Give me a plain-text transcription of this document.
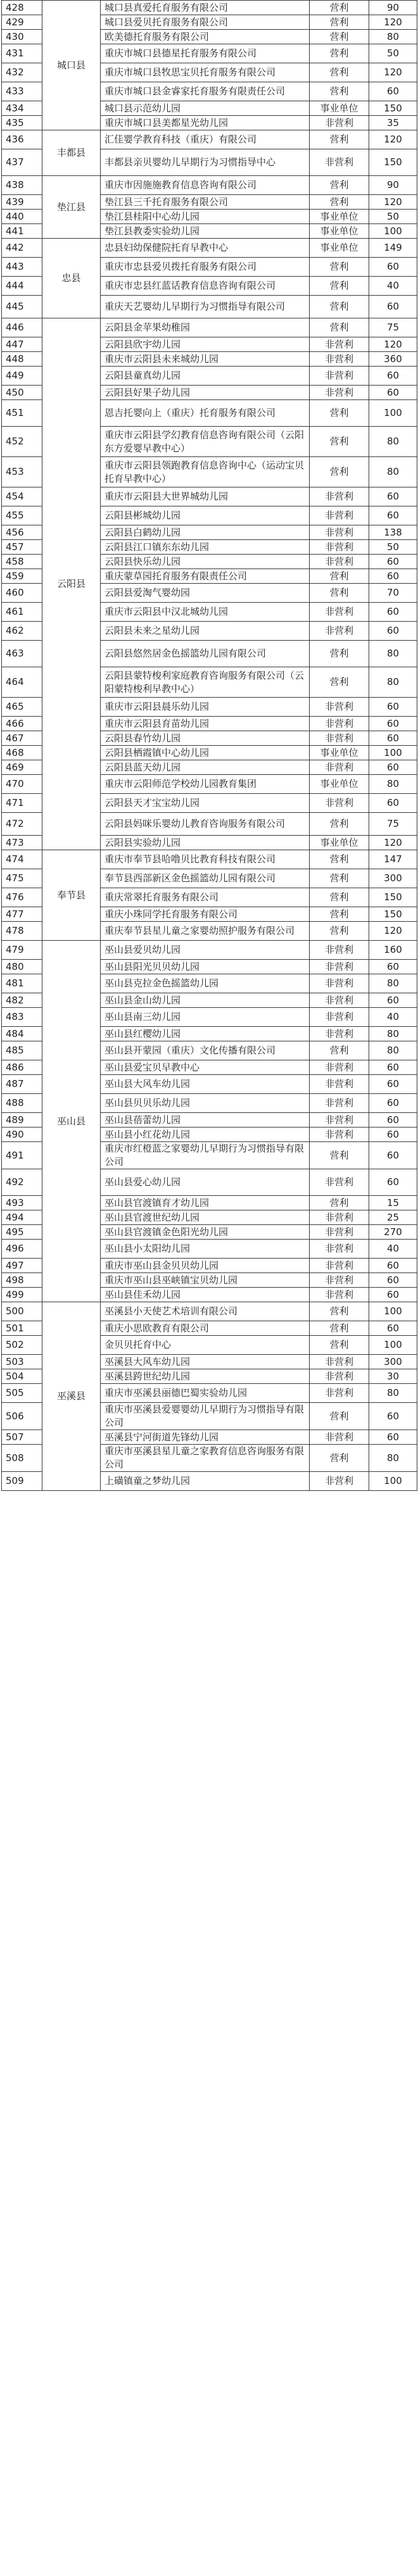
428	城口县	城口县真爱托育服务有限公司	营利	90
429		城口县爱贝托育服务有限公司	营利	120
430		欧美德托育服务有限公司	营利	80
431		重庆市城口县德星托育服务有限公司	营利	50
432		重庆市城口县牧思宝贝托育服务有限公司	营利	120
433		重庆市城口县金睿家托育服务有限责任公司	营利	60
434		城口县示范幼儿园	事业单位	150
435		重庆市城口县美都星光幼儿园	非营利	35
436	丰都县	汇佳婴学教育科技（重庆）有限公司	营利	120
437		丰都县亲贝婴幼儿早期行为习惯指导中心	非营利	150
438	垫江县	重庆市因施施教育信息咨询有限公司	营利	90
439		垫江县三千托育服务有限公司	营利	120
440		垫江县桂阳中心幼儿园	事业单位	50
441		垫江县教委实验幼儿园	事业单位	100
442	忠县	忠县妇幼保健院托育早教中心	事业单位	149
443		重庆市忠县爱贝拨托育服务有限公司	营利	60
444		重庆市忠县红蓝话教育信息咨询有限公司	营利	40
445		重庆天艺婴幼儿早期行为习惯指导有限公司	营利	60
446	云阳县	云阳县金苹果幼稚园	营利	75
447		云阳县欣宇幼儿园	非营利	120
448		重庆市云阳县未来城幼儿园	非营利	360
449		云阳县童真幼儿园	非营利	60
450		云阳县好果子幼儿园	非营利	60
451		恩吉托婴向上（重庆）托育服务有限公司	营利	100
452		重庆市云阳县学幻教育信息咨询有限公司（云阳东方爱婴早教中心）	营利	80
453		重庆市云阳县领跑教育信息咨询中心（运动宝贝托育早教中心）	营利	80
454		重庆市云阳县大世界城幼儿园	非营利	60
455		云阳县彬城幼儿园	非营利	60
456		云阳县白鹤幼儿园	非营利	138
457		云阳县江口镇东东幼儿园	非营利	50
458		云阳县快乐幼儿园	非营利	60
459		重庆蒙草园托育服务有限责任公司	营利	60
460		云阳县爱淘气婴幼园	营利	70
461		重庆市云阳县中汉北城幼儿园	非营利	60
462		云阳县未来之星幼儿园	非营利	60
463		云阳县悠然居金色摇篮幼儿园有限公司	营利	80
464		云阳县蒙特梭利家庭教育咨询服务有限公司（云阳蒙特梭利早教中心）	营利	80
465		重庆市云阳县晨乐幼儿园	非营利	60
466		重庆市云阳县育苗幼儿园	非营利	60
467		云阳县春竹幼儿园	非营利	60
468		云阳县栖霞镇中心幼儿园	事业单位	100
469		云阳县蓝天幼儿园	非营利	60
470		重庆市云阳师范学校幼儿园教育集团	事业单位	80
471		云阳县天才宝宝幼儿园	非营利	60
472		云阳县妈咪乐婴幼儿教育咨询服务有限公司	营利	75
473		云阳县实验幼儿园	事业单位	120
474	奉节县	重庆市奉节县哈噜贝比教育科技有限公司	营利	147
475		奉节县西部新区金色摇篮幼儿园有限公司	营利	300
476		重庆常翠托育服务有限公司	营利	150
477		重庆小珠同学托育服务有限公司	营利	150
478		重庆奉节县星儿童之家婴幼照护服务有限公司	营利	120
479	巫山县	巫山县爱贝幼儿园	非营利	160
480		巫山县阳光贝贝幼儿园	非营利	60
481		巫山县克拉金色摇篮幼儿园	非营利	80
482		巫山县金山幼儿园	非营利	60
483		巫山县南三幼儿园	非营利	40
484		巫山县红樱幼儿园	非营利	80
485		巫山县开蒙园（重庆）文化传播有限公司	营利	80
486		巫山县爱宝贝早教中心	非营利	60
487		巫山县大风车幼儿园	非营利	60
488		巫山县贝贝乐幼儿园	非营利	60
489		巫山县蓓蕾幼儿园	非营利	60
490		巫山县小红花幼儿园	非营利	60
491		重庆市红橙蓝之家婴幼儿早期行为习惯指导有限公司	营利	60
492		巫山县爱心幼儿园	非营利	60
493		巫山县官渡镇育才幼儿园	营利	15
494		巫山县官渡世纪幼儿园	非营利	25
495		巫山县官渡镇金色阳光幼儿园	非营利	270
496		巫山县小太阳幼儿园	非营利	40
497		重庆市巫山县金贝贝幼儿园	非营利	60
498		重庆市巫山县巫峡镇宝贝幼儿园	非营利	60
499		巫山县佳禾幼儿园	非营利	60
500	巫溪县	巫溪县小天使艺术培训有限公司	营利	100
501		重庆小思欧教育有限公司	营利	60
502		金贝贝托育中心	营利	100
503		巫溪县大风车幼儿园	非营利	300
504		巫溪县跨世纪幼儿园	非营利	30
505		重庆市巫溪县丽德巴蜀实验幼儿园	非营利	80
506		重庆市巫溪县爱婴婴幼儿早期行为习惯指导有限公司	营利	60
507		巫溪县宁河街道先锋幼儿园	非营利	60
508		重庆市巫溪县星儿童之家教育信息咨询服务有限公司	营利	80
509		上磺镇童之梦幼儿园	非营利	100
